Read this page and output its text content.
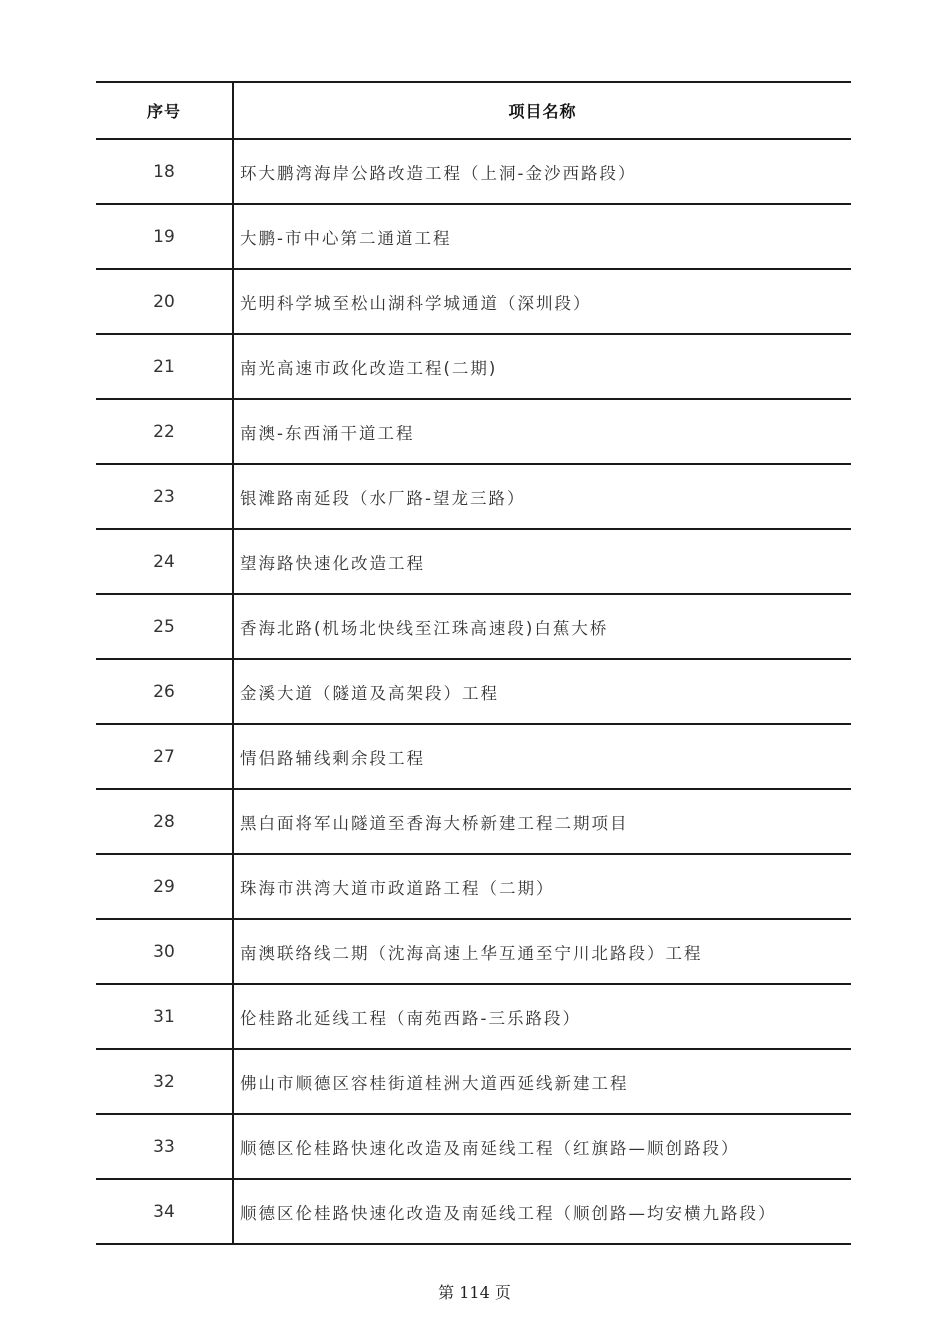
序号	项目名称
18	环大鹏湾海岸公路改造工程（上洞-金沙西路段）
19	大鹏-市中心第二通道工程
20	光明科学城至松山湖科学城通道（深圳段）
21	南光高速市政化改造工程(二期)
22	南澳-东西涌干道工程
23	银滩路南延段（水厂路-望龙三路）
24	望海路快速化改造工程
25	香海北路(机场北快线至江珠高速段)白蕉大桥
26	金溪大道（隧道及高架段）工程
27	情侣路辅线剩余段工程
28	黑白面将军山隧道至香海大桥新建工程二期项目
29	珠海市洪湾大道市政道路工程（二期）
30	南澳联络线二期（沈海高速上华互通至宁川北路段）工程
31	伦桂路北延线工程（南苑西路-三乐路段）
32	佛山市顺德区容桂街道桂洲大道西延线新建工程
33	顺德区伦桂路快速化改造及南延线工程（红旗路—顺创路段）
34	顺德区伦桂路快速化改造及南延线工程（顺创路—均安横九路段）
第 114 页
